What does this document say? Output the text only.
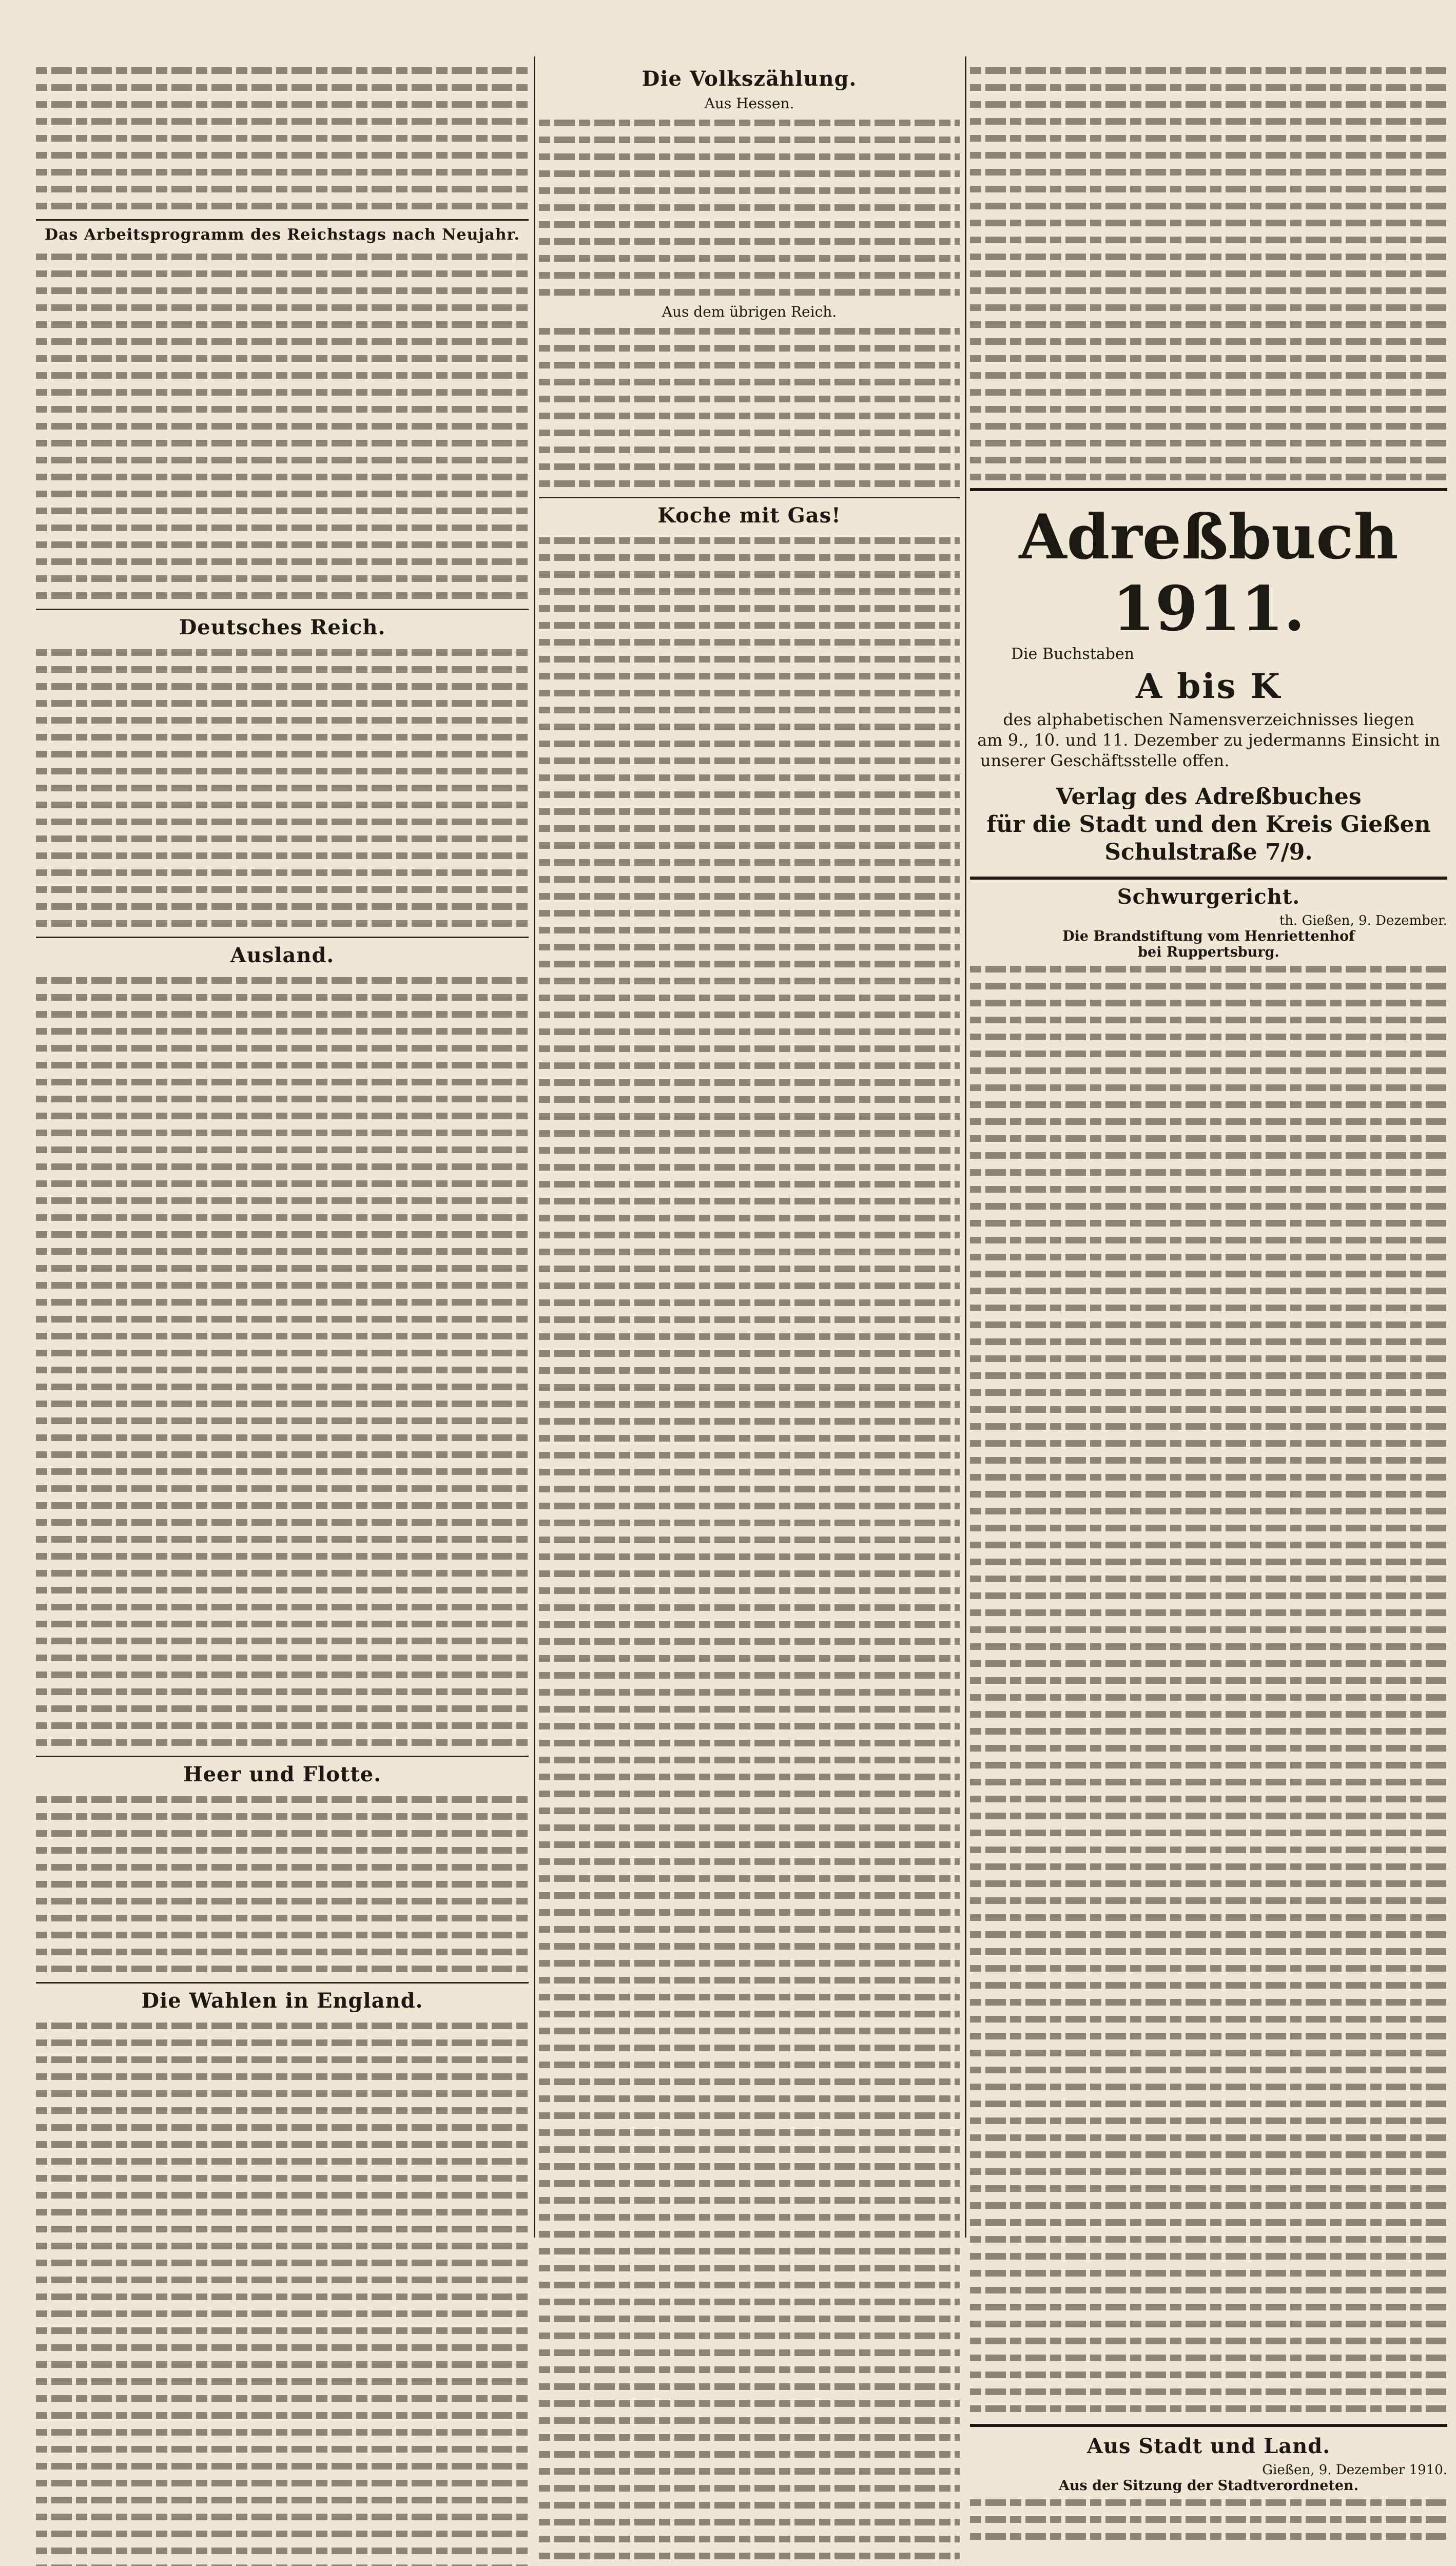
Das Arbeitsprogramm des Reichstags nach Neujahr.
Deutsches Reich.
Ausland.
Heer und Flotte.
Die Wahlen in England.
Die Volkszählung.
Aus Hessen.
Aus dem übrigen Reich.
Koche mit Gas!	Adreßbuch 1911.
Die Buchstaben
A bis K
des alphabetischen Namensverzeichnisses liegen
am 9., 10. und 11. Dezember zu jedermanns Einsicht in
unserer Geschäftsstelle offen.
Verlag des Adreßbuches
für die Stadt und den Kreis Gießen
Schulstraße 7/9.
Schwurgericht.
th. Gießen, 9. Dezember.
Die Brandstiftung vom Henriettenhof
bei Ruppertsburg.
Aus Stadt und Land.
Gießen, 9. Dezember 1910.
Aus der Sitzung der Stadtverordneten.
